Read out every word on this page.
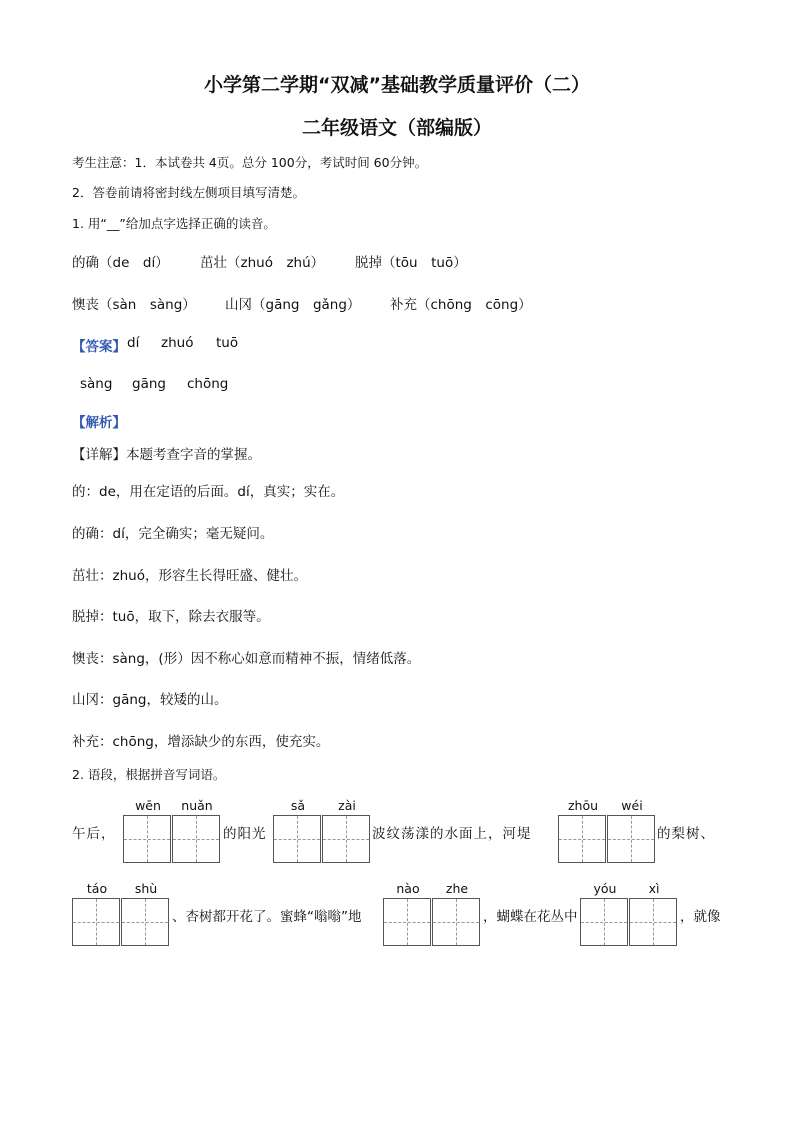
小学第二学期“双减”基础教学质量评价（二）
二年级语文（部编版）
考生注意：1．本试卷共 4页。总分 100分，考试时间 60分钟。
2．答卷前请将密封线左侧项目填写清楚。
1. 用“__”给加点字选择正确的读音。
的确（de　dí） 茁壮（zhuó　zhú） 脱掉（tōu　tuō）
懊丧（sàn　sàng） 山冈（gāng　gǎng） 补充（chōng　cōng）
【答案】 dí zhuó tuō
sàng gāng chōng
【解析】
【详解】本题考查字音的掌握。
的：de，用在定语的后面。dí，真实；实在。
的确：dí，完全确实；毫无疑问。
茁壮：zhuó，形容生长得旺盛、健壮。
脱掉：tuō，取下，除去衣服等。
懊丧：sàng，(形）因不称心如意而精神不振，情绪低落。
山冈：gāng，较矮的山。
补充：chōng，增添缺少的东西，使充实。
2. 语段，根据拼音写词语。
wēn	nuǎn	sǎ	zài	zhōu	wéi
午后，	的阳光	波纹荡漾的水面上，河堤	的梨树、
táo	shù	nào	zhe	yóu	xì
、杏树都开花了。蜜蜂“嗡嗡”地	，蝴蝶在花丛中	，就像
